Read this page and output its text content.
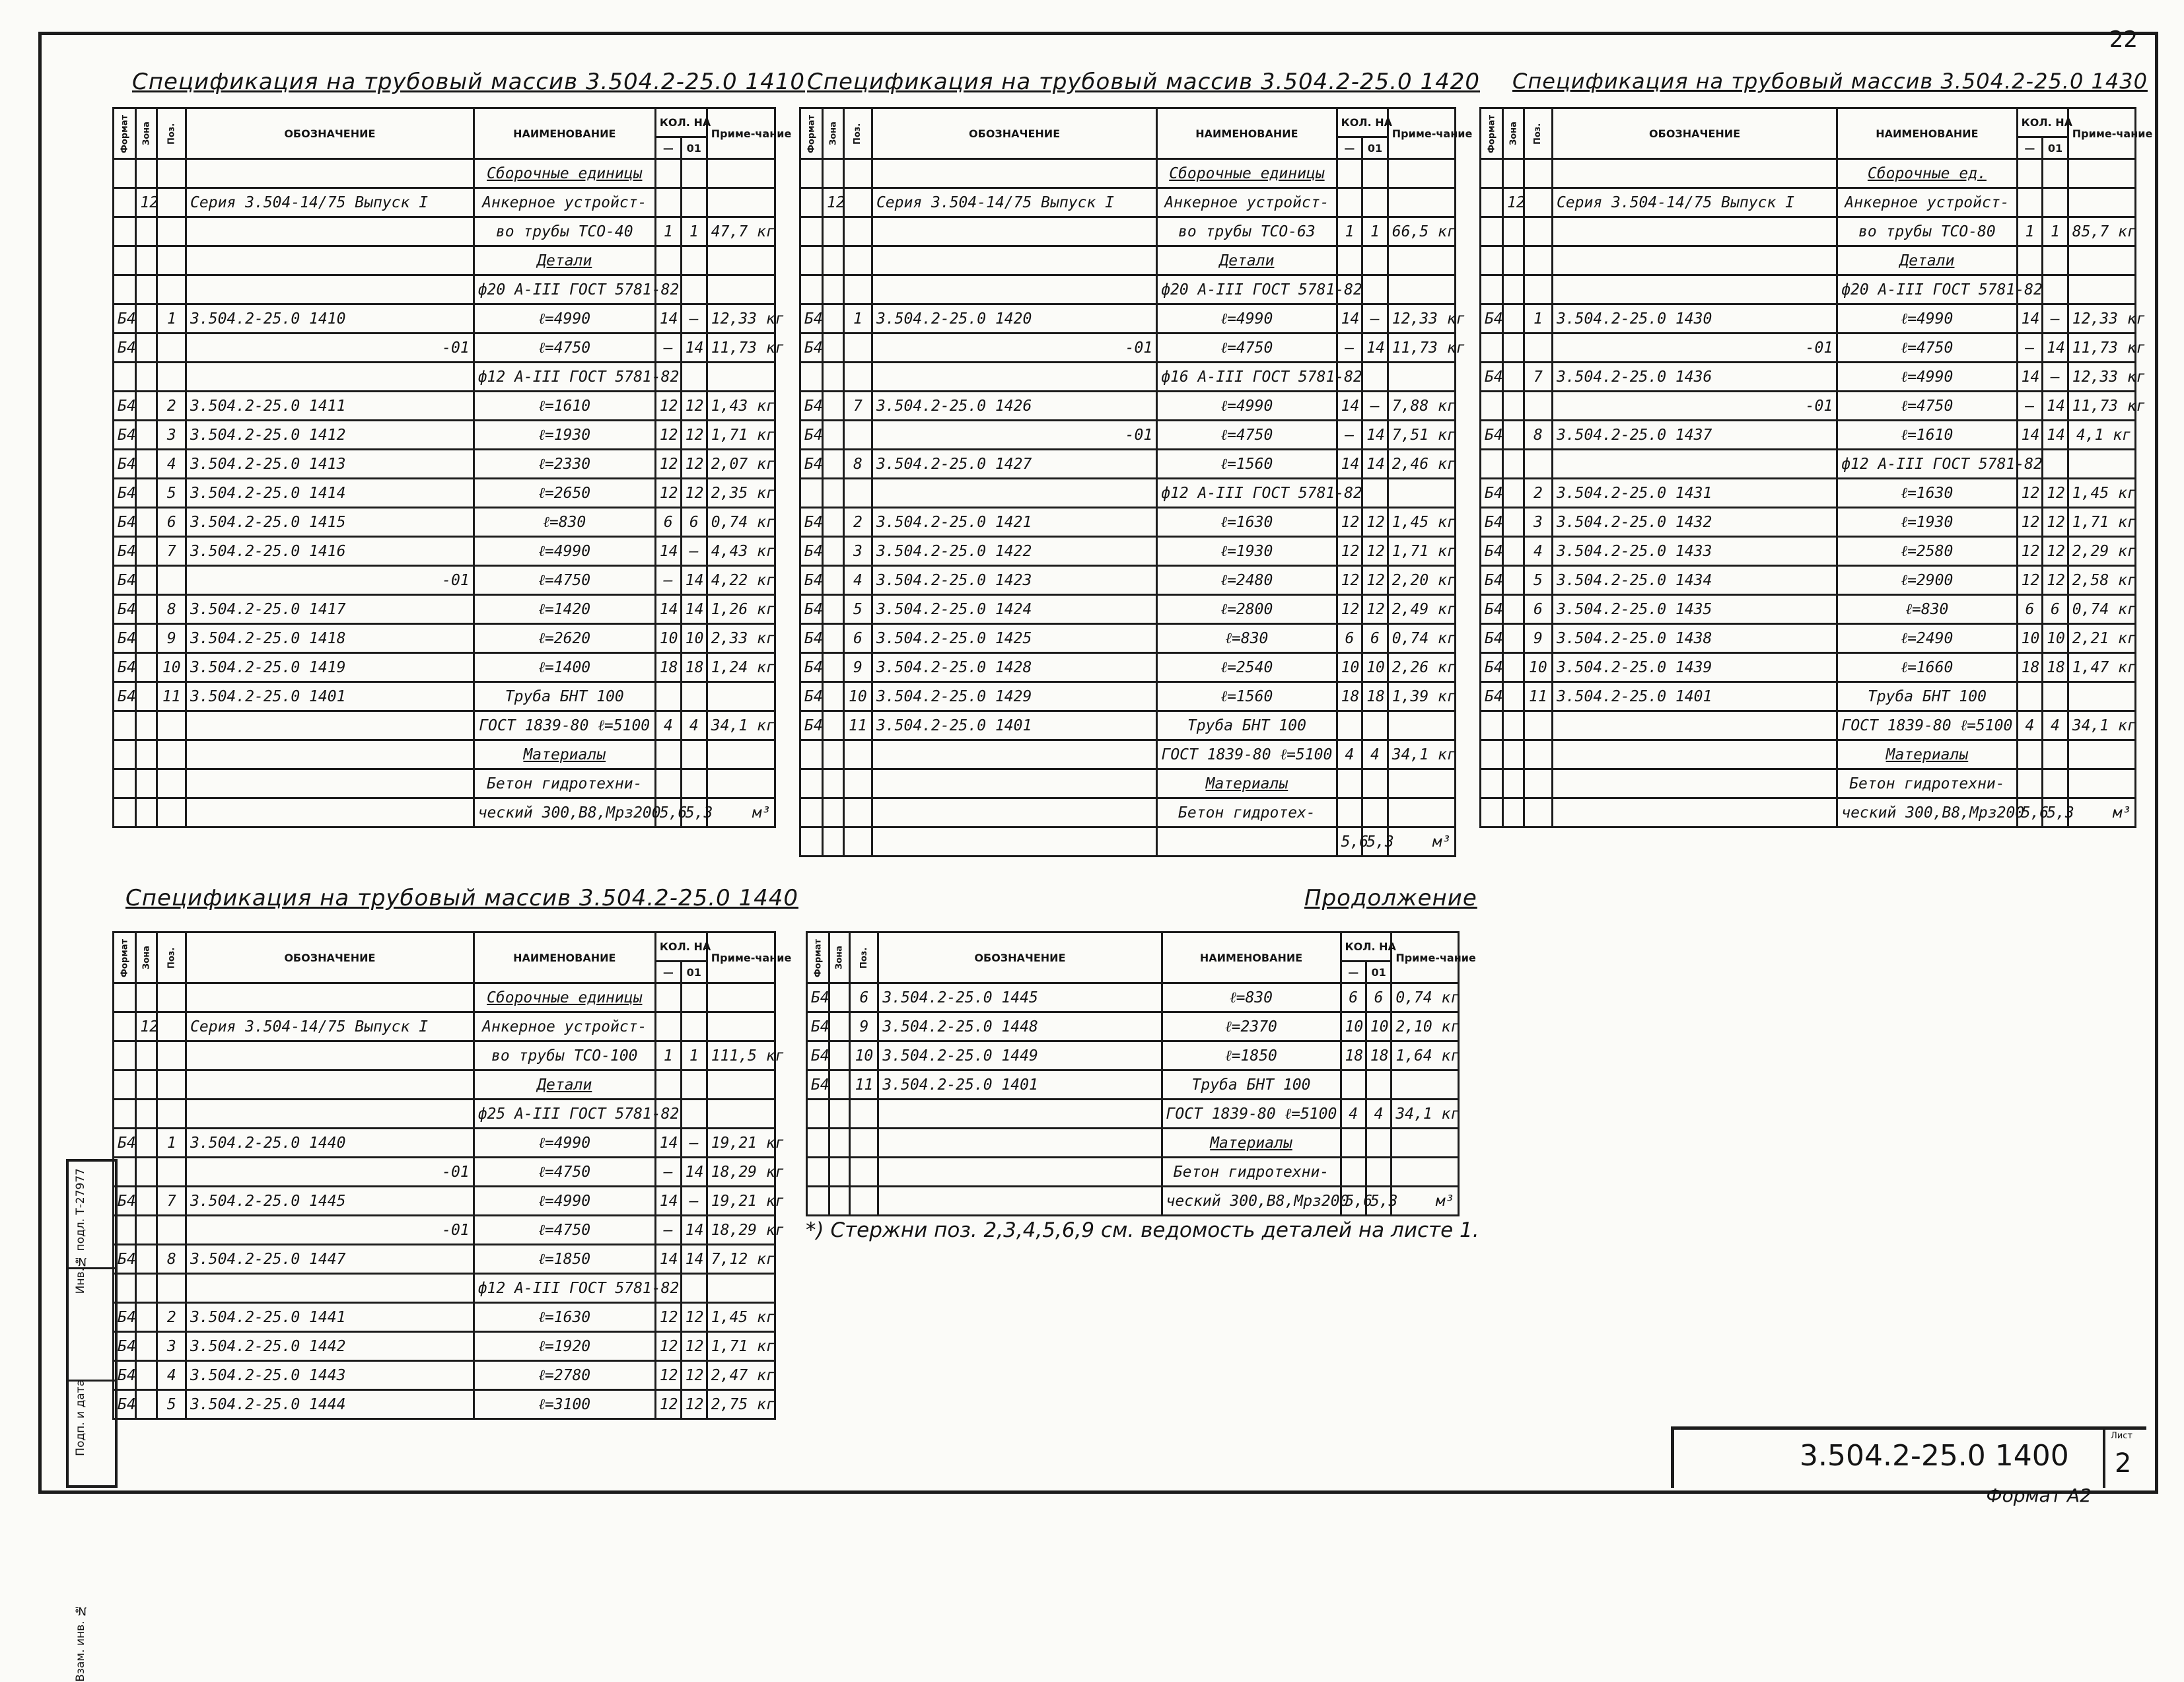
22
Спецификация на трубовый массив 3.504.2-25.0 1410 Спецификация на трубовый массив 3.504.2-25.0 1420 Спецификация на трубовый массив 3.504.2-25.0 1430
Спецификация на трубовый массив 3.504.2-25.0 1440	Продолжение
Формат	Зона	Поз.	ОБОЗНАЧЕНИЕ	НАИМЕНОВАНИЕ	КОЛ. НА		Приме-чание
					—	01	
				Сборочные единицы			
	12		Серия 3.504-14/75 Выпуск I	Анкерное устройст-			
				во трубы ТСО-40	1	1	47,7 кг
				Детали			
				ф20 А-III ГОСТ 5781-82			
Б4		1	3.504.2-25.0 1410	ℓ=4990	14	—	12,33 кг
Б4			-01	ℓ=4750	—	14	11,73 кг
				ф12 А-III ГОСТ 5781-82			
Б4		2	3.504.2-25.0 1411	ℓ=1610	12	12	1,43 кг
Б4		3	3.504.2-25.0 1412	ℓ=1930	12	12	1,71 кг
Б4		4	3.504.2-25.0 1413	ℓ=2330	12	12	2,07 кг
Б4		5	3.504.2-25.0 1414	ℓ=2650	12	12	2,35 кг
Б4		6	3.504.2-25.0 1415	ℓ=830	6	6	0,74 кг
Б4		7	3.504.2-25.0 1416	ℓ=4990	14	—	4,43 кг
Б4			-01	ℓ=4750	—	14	4,22 кг
Б4		8	3.504.2-25.0 1417	ℓ=1420	14	14	1,26 кг
Б4		9	3.504.2-25.0 1418	ℓ=2620	10	10	2,33 кг
Б4		10	3.504.2-25.0 1419	ℓ=1400	18	18	1,24 кг
Б4		11	3.504.2-25.0 1401	Труба БНТ 100			
				ГОСТ 1839-80 ℓ=5100	4	4	34,1 кг
				Материалы			
				Бетон гидротехни-			
				ческий 300,В8,Мрз200	5,6	5,3	м³
Формат	Зона	Поз.	ОБОЗНАЧЕНИЕ	НАИМЕНОВАНИЕ	КОЛ. НА		Приме-чание
					—	01	
				Сборочные единицы			
	12		Серия 3.504-14/75 Выпуск I	Анкерное устройст-			
				во трубы ТСО-63	1	1	66,5 кг
				Детали			
				ф20 А-III ГОСТ 5781-82			
Б4		1	3.504.2-25.0 1420	ℓ=4990	14	—	12,33 кг
Б4			-01	ℓ=4750	—	14	11,73 кг
				ф16 А-III ГОСТ 5781-82			
Б4		7	3.504.2-25.0 1426	ℓ=4990	14	—	7,88 кг
Б4			-01	ℓ=4750	—	14	7,51 кг
Б4		8	3.504.2-25.0 1427	ℓ=1560	14	14	2,46 кг
				ф12 А-III ГОСТ 5781-82			
Б4		2	3.504.2-25.0 1421	ℓ=1630	12	12	1,45 кг
Б4		3	3.504.2-25.0 1422	ℓ=1930	12	12	1,71 кг
Б4		4	3.504.2-25.0 1423	ℓ=2480	12	12	2,20 кг
Б4		5	3.504.2-25.0 1424	ℓ=2800	12	12	2,49 кг
Б4		6	3.504.2-25.0 1425	ℓ=830	6	6	0,74 кг
Б4		9	3.504.2-25.0 1428	ℓ=2540	10	10	2,26 кг
Б4		10	3.504.2-25.0 1429	ℓ=1560	18	18	1,39 кг
Б4		11	3.504.2-25.0 1401	Труба БНТ 100			
				ГОСТ 1839-80 ℓ=5100	4	4	34,1 кг
				Материалы			
				Бетон гидротех-			
					5,6	5,3	м³
Формат	Зона	Поз.	ОБОЗНАЧЕНИЕ	НАИМЕНОВАНИЕ	КОЛ. НА		Приме-чание
					—	01	
				Сборочные ед.			
	12		Серия 3.504-14/75 Выпуск I	Анкерное устройст-			
				во трубы ТСО-80	1	1	85,7 кг
				Детали			
				ф20 А-III ГОСТ 5781-82			
Б4		1	3.504.2-25.0 1430	ℓ=4990	14	—	12,33 кг
			-01	ℓ=4750	—	14	11,73 кг
Б4		7	3.504.2-25.0 1436	ℓ=4990	14	—	12,33 кг
			-01	ℓ=4750	—	14	11,73 кг
Б4		8	3.504.2-25.0 1437	ℓ=1610	14	14	4,1 кг
				ф12 А-III ГОСТ 5781-82			
Б4		2	3.504.2-25.0 1431	ℓ=1630	12	12	1,45 кг
Б4		3	3.504.2-25.0 1432	ℓ=1930	12	12	1,71 кг
Б4		4	3.504.2-25.0 1433	ℓ=2580	12	12	2,29 кг
Б4		5	3.504.2-25.0 1434	ℓ=2900	12	12	2,58 кг
Б4		6	3.504.2-25.0 1435	ℓ=830	6	6	0,74 кг
Б4		9	3.504.2-25.0 1438	ℓ=2490	10	10	2,21 кг
Б4		10	3.504.2-25.0 1439	ℓ=1660	18	18	1,47 кг
Б4		11	3.504.2-25.0 1401	Труба БНТ 100			
				ГОСТ 1839-80 ℓ=5100	4	4	34,1 кг
				Материалы			
				Бетон гидротехни-			
				ческий 300,В8,Мрз200	5,6	5,3	м³
Формат	Зона	Поз.	ОБОЗНАЧЕНИЕ	НАИМЕНОВАНИЕ	КОЛ. НА		Приме-чание
					—	01	
				Сборочные единицы			
	12		Серия 3.504-14/75 Выпуск I	Анкерное устройст-			
				во трубы ТСО-100	1	1	111,5 кг
				Детали			
				ф25 А-III ГОСТ 5781-82			
Б4		1	3.504.2-25.0 1440	ℓ=4990	14	—	19,21 кг
			-01	ℓ=4750	—	14	18,29 кг
Б4		7	3.504.2-25.0 1445	ℓ=4990	14	—	19,21 кг
			-01	ℓ=4750	—	14	18,29 кг
Б4		8	3.504.2-25.0 1447	ℓ=1850	14	14	7,12 кг
				ф12 А-III ГОСТ 5781-82			
Б4		2	3.504.2-25.0 1441	ℓ=1630	12	12	1,45 кг
Б4		3	3.504.2-25.0 1442	ℓ=1920	12	12	1,71 кг
Б4		4	3.504.2-25.0 1443	ℓ=2780	12	12	2,47 кг
Б4		5	3.504.2-25.0 1444	ℓ=3100	12	12	2,75 кг
Формат	Зона	Поз.	ОБОЗНАЧЕНИЕ	НАИМЕНОВАНИЕ	КОЛ. НА		Приме-чание
					—	01	
Б4		6	3.504.2-25.0 1445	ℓ=830	6	6	0,74 кг
Б4		9	3.504.2-25.0 1448	ℓ=2370	10	10	2,10 кг
Б4		10	3.504.2-25.0 1449	ℓ=1850	18	18	1,64 кг
Б4		11	3.504.2-25.0 1401	Труба БНТ 100			
				ГОСТ 1839-80 ℓ=5100	4	4	34,1 кг
				Материалы			
				Бетон гидротехни-			
				ческий 300,В8,Мрз200	5,6	5,3	м³
*) Стержни поз. 2,3,4,5,6,9 см. ведомость деталей на листе 1.
Инв.№ подл. Т-27977
Подп. и дата
Взам. инв. №
3.504.2-25.0 1400
Лист
2
Формат А2
